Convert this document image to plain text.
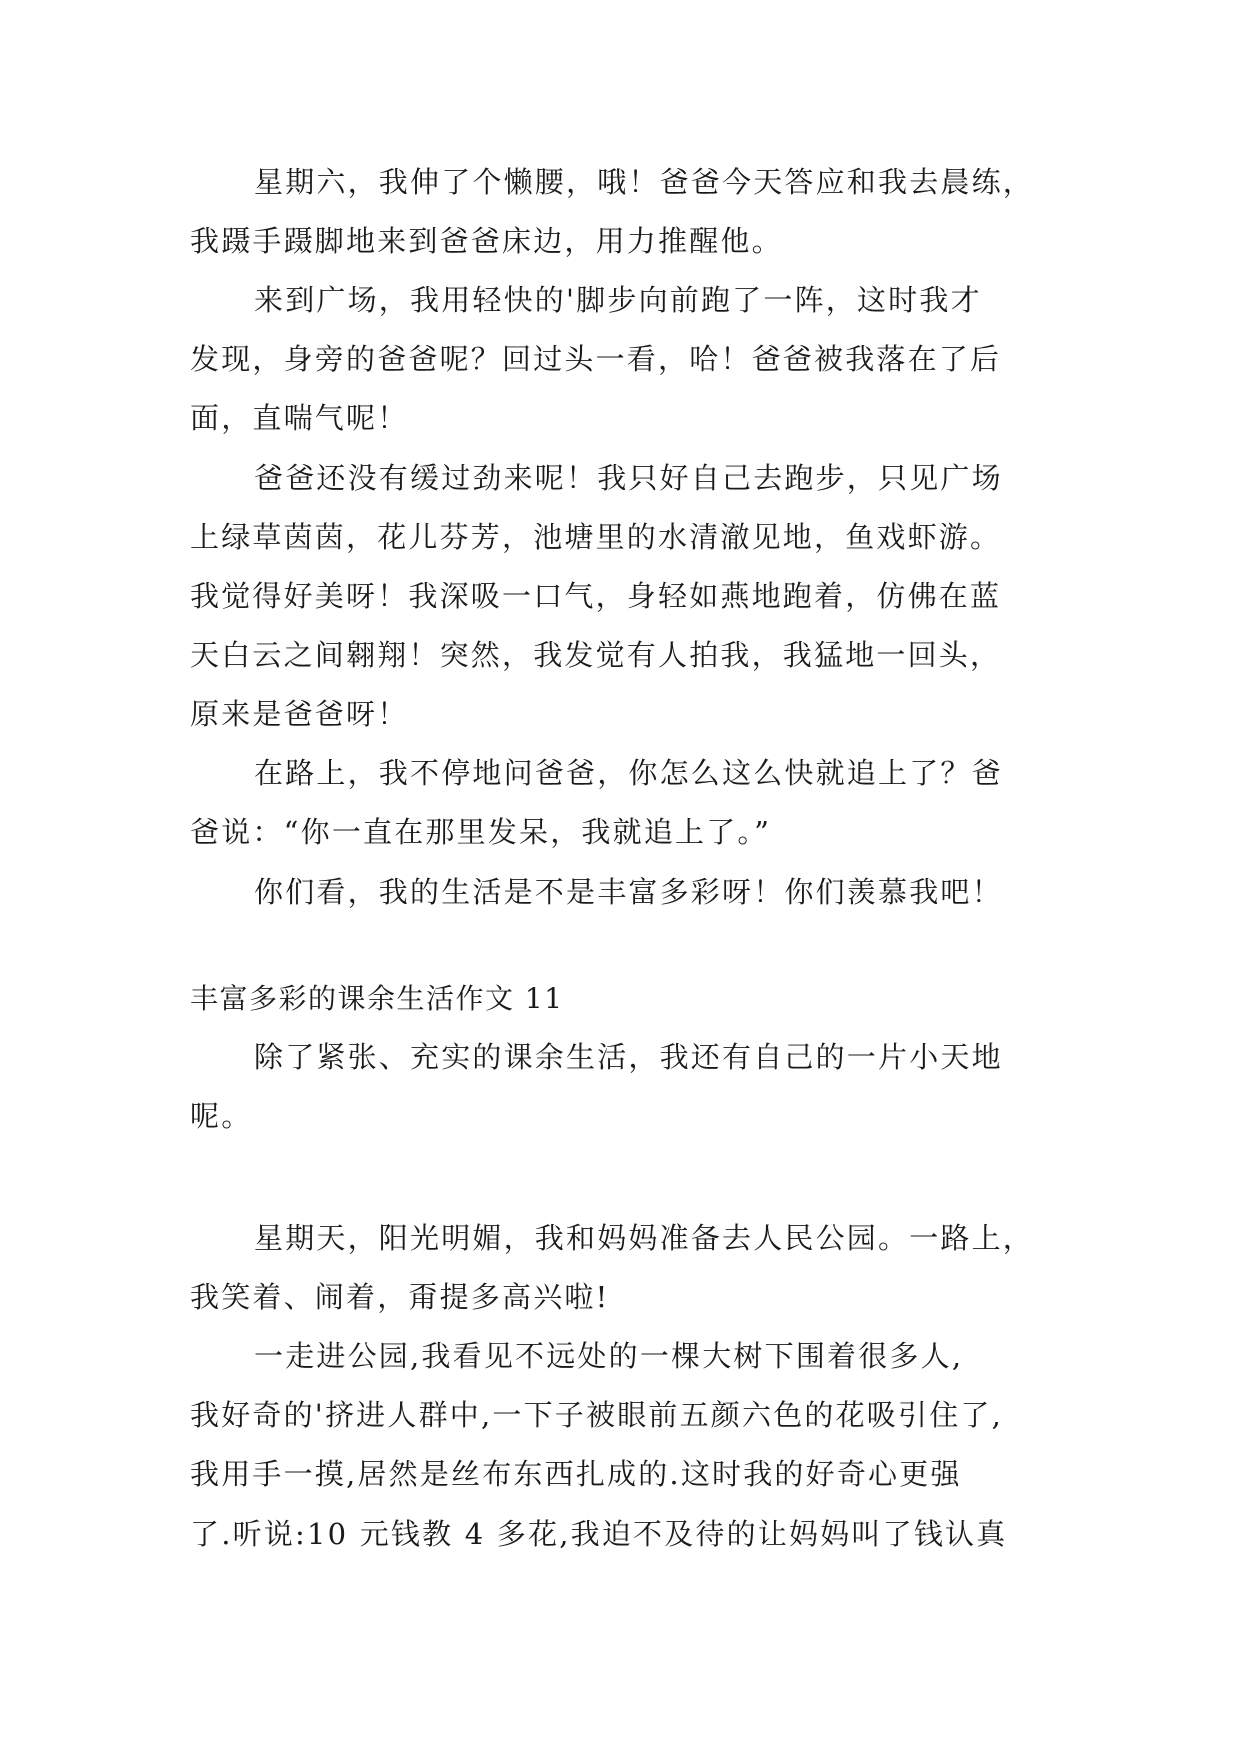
星期六，我伸了个懒腰，哦！爸爸今天答应和我去晨练，
我蹑手蹑脚地来到爸爸床边，用力推醒他。
来到广场，我用轻快的'脚步向前跑了一阵，这时我才
发现，身旁的爸爸呢？回过头一看，哈！爸爸被我落在了后
面，直喘气呢！
爸爸还没有缓过劲来呢！我只好自己去跑步，只见广场
上绿草茵茵，花儿芬芳，池塘里的水清澈见地，鱼戏虾游。
我觉得好美呀！我深吸一口气，身轻如燕地跑着，仿佛在蓝
天白云之间翱翔！突然，我发觉有人拍我，我猛地一回头，
原来是爸爸呀！
在路上，我不停地问爸爸，你怎么这么快就追上了？爸
爸说：“你一直在那里发呆，我就追上了。”
你们看，我的生活是不是丰富多彩呀！你们羡慕我吧！
丰富多彩的课余生活作文 11
除了紧张、充实的课余生活，我还有自己的一片小天地
呢。
星期天，阳光明媚，我和妈妈准备去人民公园。一路上，
我笑着、闹着，甭提多高兴啦!
一走进公园,我看见不远处的一棵大树下围着很多人,
我好奇的'挤进人群中,一下子被眼前五颜六色的花吸引住了,
我用手一摸,居然是丝布东西扎成的.这时我的好奇心更强
了.听说:10 元钱教 4 多花,我迫不及待的让妈妈叫了钱认真
